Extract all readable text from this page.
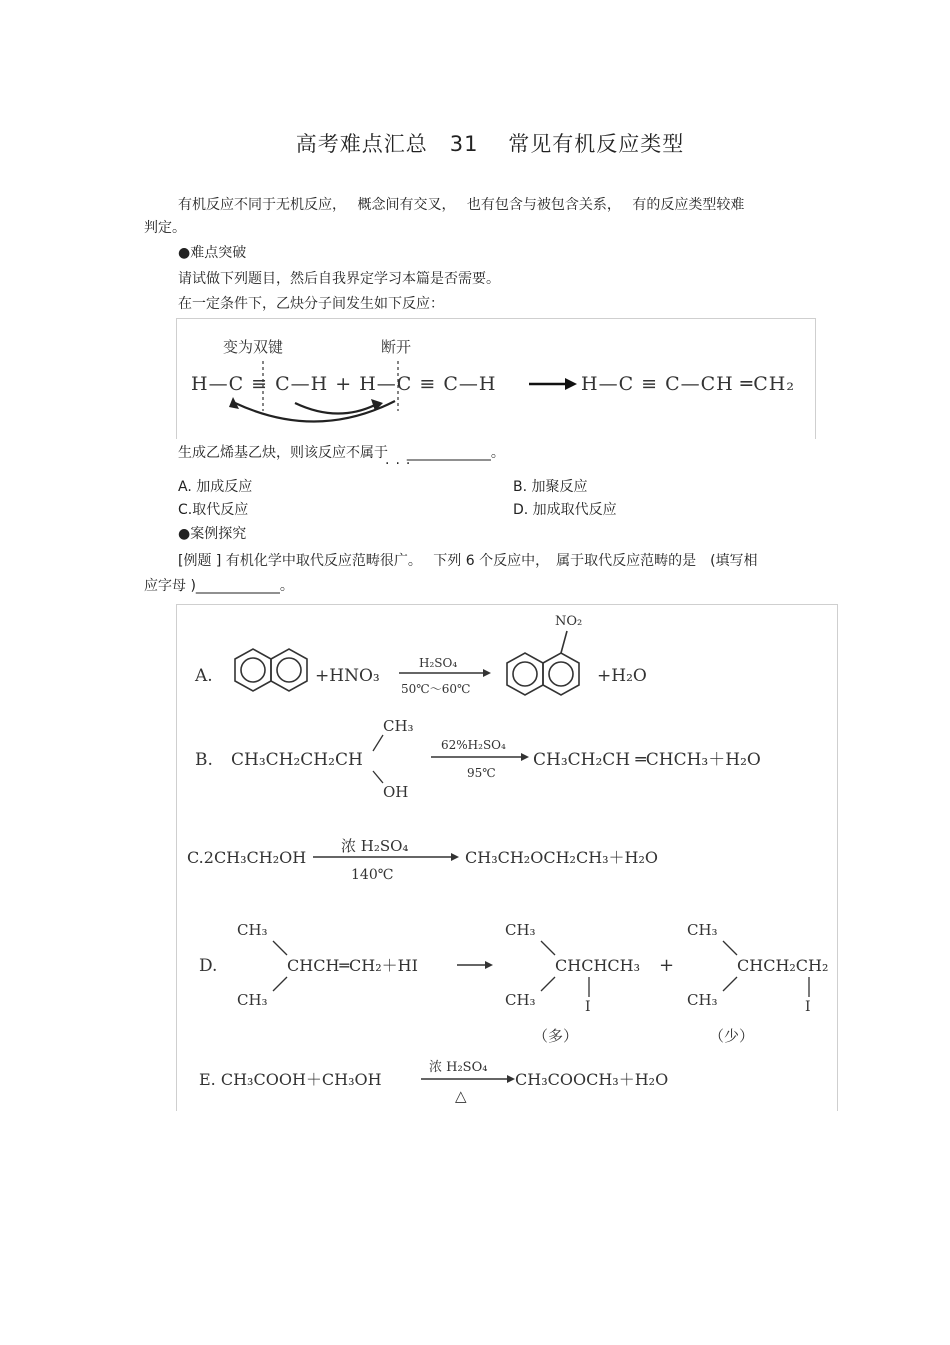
高考难点汇总　31　 常见有机反应类型
有机反应不同于无机反应，　 概念间有交叉，　 也有包含与被包含关系，　 有的反应类型较难
判定。
●难点突破
请试做下列题目，然后自我界定学习本篇是否需要。
在一定条件下，乙炔分子间发生如下反应：
变为双键	断开
H—C ≡ C—H + H—C ≡ C—H	H—C ≡ C—CH ═CH₂
生成乙烯基乙炔，则该反应不属于 ____________。
···
A. 加成反应	B. 加聚反应
C.取代反应	D. 加成取代反应
●案例探究
[例题 ] 有机化学中取代反应范畴很广。　 下列 6 个反应中，　属于取代反应范畴的是　(填写相
应字母 )____________。
A.	+HNO₃
H₂SO₄
50℃～60℃
NO₂
+H₂O
B. CH₃CH₂CH₂CH
CH₃
OH
62%H₂SO₄
95℃
CH₃CH₂CH ═CHCH₃＋H₂O
C.2CH₃CH₂OH
浓 H₂SO₄
140℃
CH₃CH₂OCH₂CH₃＋H₂O
D.
CH₃
CH₃
CHCH═CH₂＋HI
CH₃
CH₃
CHCHCH₃
I
（多）
+
CH₃
CH₃
CHCH₂CH₂
I
（少）
E. CH₃COOH＋CH₃OH
浓 H₂SO₄
△
CH₃COOCH₃＋H₂O
